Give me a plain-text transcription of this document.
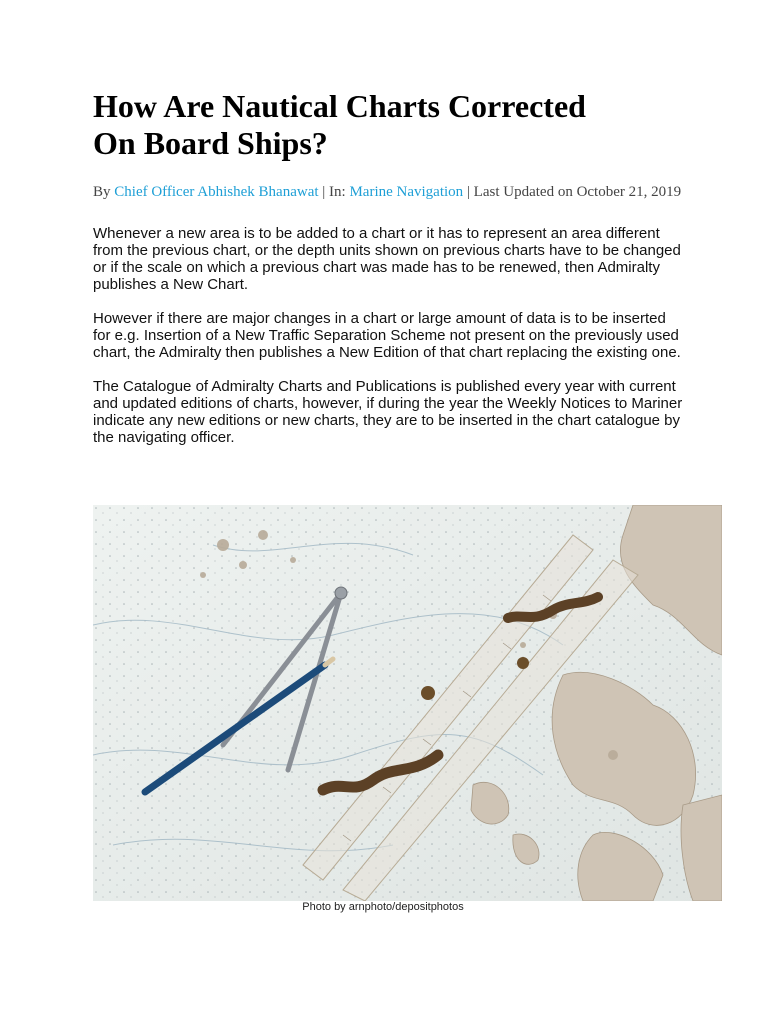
How Are Nautical Charts Corrected
On Board Ships?
By Chief Officer Abhishek Bhanawat | In: Marine Navigation | Last Updated on October 21, 2019

Whenever a new area is to be added to a chart or it has to represent an area different from the previous chart, or the depth units shown on previous charts have to be changed or if the scale on which a previous chart was made has to be renewed, then Admiralty publishes a New Chart.

However if there are major changes in a chart or large amount of data is to be inserted for e.g. Insertion of a New Traffic Separation Scheme not present on the previously used chart, the Admiralty then publishes a New Edition of that chart replacing the existing one.

The Catalogue of Admiralty Charts and Publications is published every year with current and updated editions of charts, however, if during the year the Weekly Notices to Mariner indicate any new editions or new charts, they are to be inserted in the chart catalogue by the navigating officer.

Photo by arnphoto/depositphotos
